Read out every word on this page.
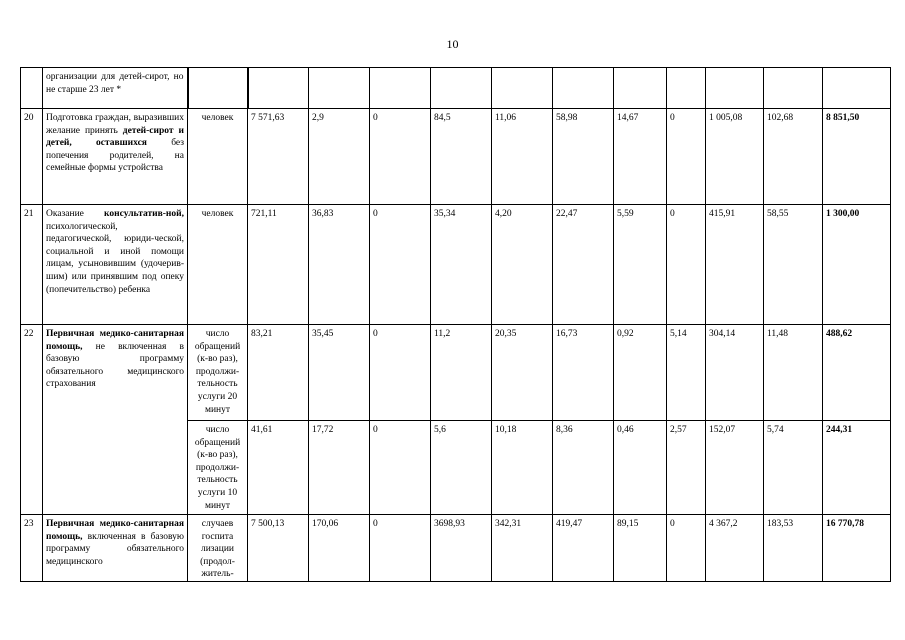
10
	организации для детей-сирот, но не старше 23 лет *												
20	Подготовка граждан, выразивших желание принять детей-сирот и детей, оставшихся без попечения родителей, на семейные формы устройства	человек	7 571,63	2,9	0	84,5	11,06	58,98	14,67	0	1 005,08	102,68	8 851,50
21	Оказание консультатив-ной, психологической, педагогической, юриди-ческой, социальной и иной помощи лицам, усыновившим (удочерив-шим) или принявшим под опеку (попечительство) ребенка	человек	721,11	36,83	0	35,34	4,20	22,47	5,59	0	415,91	58,55	1 300,00
22	Первичная медико-санитарная помощь, не включенная в базовую программу обязательного медицинского страхования	число обращений (к-во раз), продолжи-тельность услуги 20 минут	83,21	35,45	0	11,2	20,35	16,73	0,92	5,14	304,14	11,48	488,62
		число обращений (к-во раз), продолжи-тельность услуги 10 минут	41,61	17,72	0	5,6	10,18	8,36	0,46	2,57	152,07	5,74	244,31
23	Первичная медико-санитарная помощь, включенная в базовую программу обязательного медицинского	случаев госпита лизации (продол-житель-	7 500,13	170,06	0	3698,93	342,31	419,47	89,15	0	4 367,2	183,53	16 770,78
